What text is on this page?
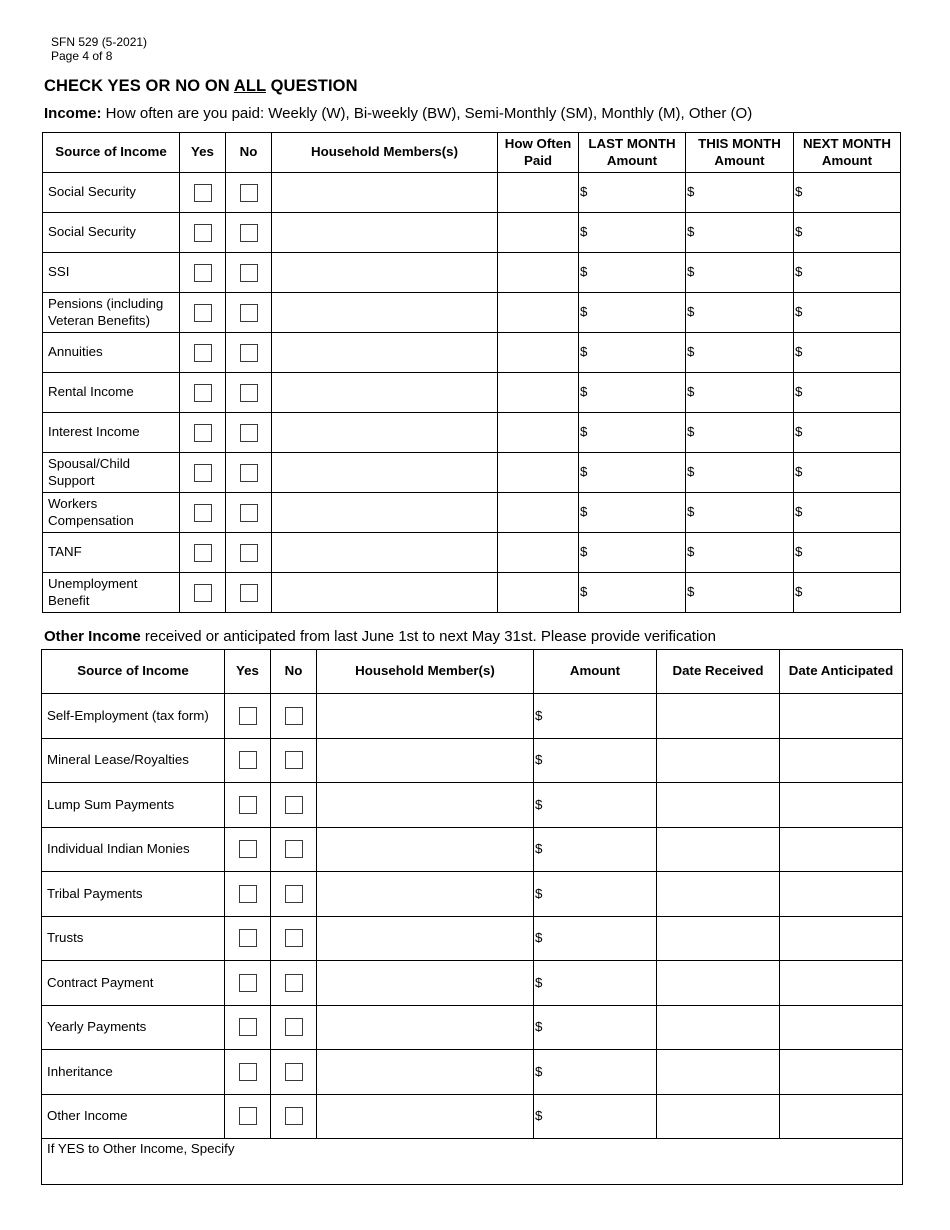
SFN 529 (5-2021)
Page 4 of 8
CHECK YES OR NO ON ALL QUESTION
Income: How often are you paid: Weekly (W), Bi-weekly (BW), Semi-Monthly (SM), Monthly (M), Other (O)
Source of Income	Yes	No	Household Members(s)	How Often Paid	LAST MONTH Amount	THIS MONTH Amount	NEXT MONTH Amount
Social Security					$	$	$
Social Security					$	$	$
SSI					$	$	$
Pensions (including Veteran Benefits)					$	$	$
Annuities					$	$	$
Rental Income					$	$	$
Interest Income					$	$	$
Spousal/Child Support					$	$	$
Workers Compensation					$	$	$
TANF					$	$	$
Unemployment Benefit					$	$	$
Other Income received or anticipated from last June 1st to next May 31st. Please provide verification
Source of Income	Yes	No	Household Member(s)	Amount	Date Received	Date Anticipated
Self-Employment (tax form)				$		
Mineral Lease/Royalties				$		
Lump Sum Payments				$		
Individual Indian Monies				$		
Tribal Payments				$		
Trusts				$		
Contract Payment				$		
Yearly Payments				$		
Inheritance				$		
Other Income				$		
If YES to Other Income, Specify						
